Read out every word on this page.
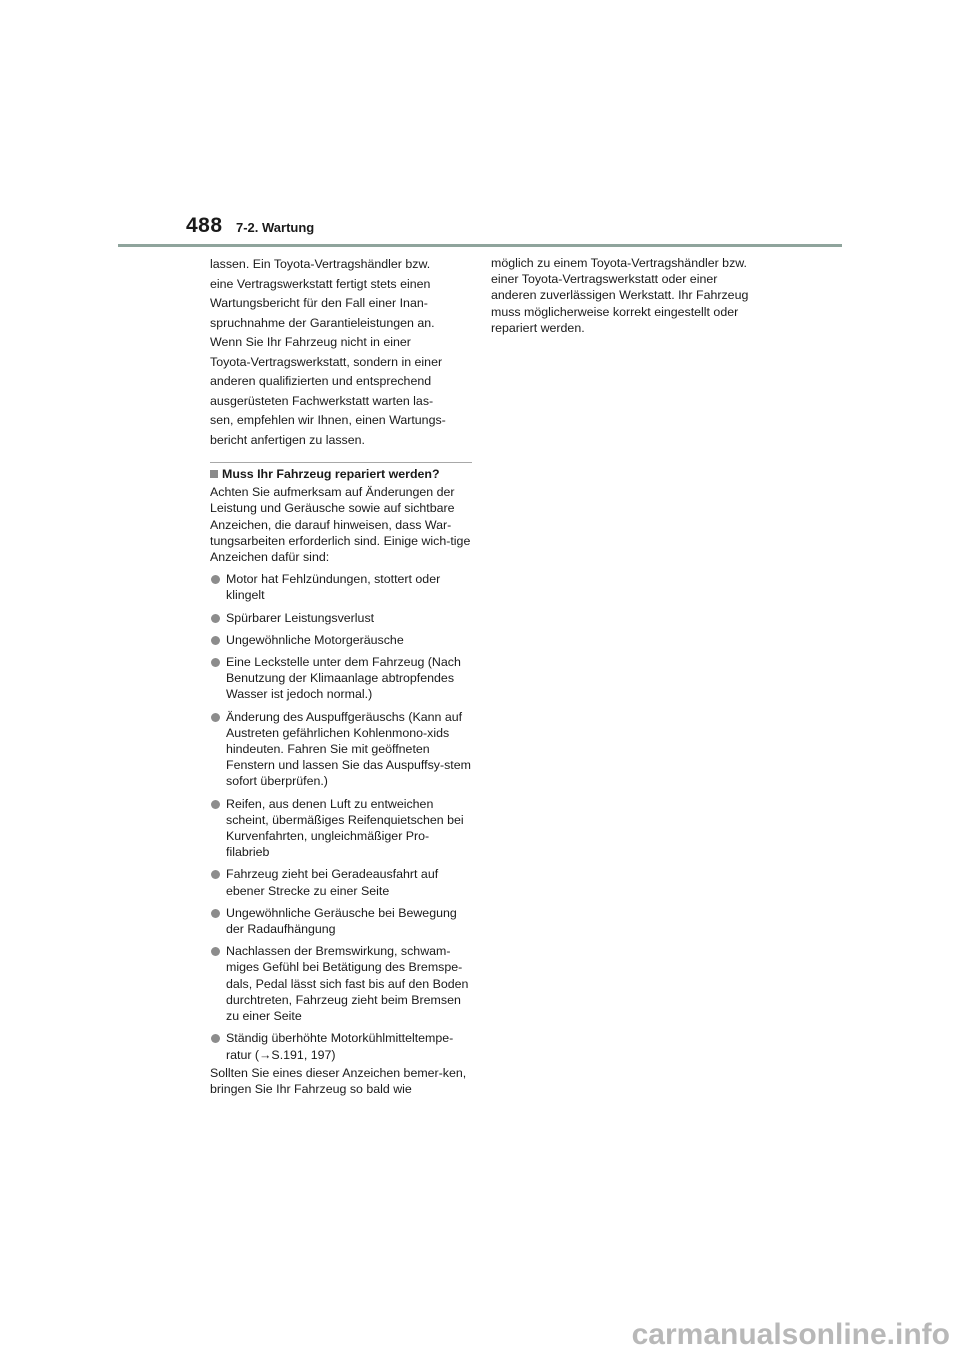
488 7-2. Wartung
lassen. Ein Toyota-Vertragshändler bzw.
eine Vertragswerkstatt fertigt stets einen
Wartungsbericht für den Fall einer Inan-
spruchnahme der Garantieleistungen an.
Wenn Sie Ihr Fahrzeug nicht in einer
Toyota-Vertragswerkstatt, sondern in einer
anderen qualifizierten und entsprechend
ausgerüsteten Fachwerkstatt warten las-
sen, empfehlen wir Ihnen, einen Wartungs-
bericht anfertigen zu lassen.
Muss Ihr Fahrzeug repariert werden?

Achten Sie aufmerksam auf Änderungen der Leistung und Geräusche sowie auf sichtbare Anzeichen, die darauf hinweisen, dass War-tungsarbeiten erforderlich sind. Einige wich-tige Anzeichen dafür sind:

Motor hat Fehlzündungen, stottert oder klingelt
Spürbarer Leistungsverlust
Ungewöhnliche Motorgeräusche
Eine Leckstelle unter dem Fahrzeug (Nach Benutzung der Klimaanlage abtropfendes Wasser ist jedoch normal.)
Änderung des Auspuffgeräuschs (Kann auf Austreten gefährlichen Kohlenmono-xids hindeuten. Fahren Sie mit geöffneten Fenstern und lassen Sie das Auspuffsy-stem sofort überprüfen.)
Reifen, aus denen Luft zu entweichen scheint, übermäßiges Reifenquietschen bei Kurvenfahrten, ungleichmäßiger Pro-filabrieb
Fahrzeug zieht bei Geradeausfahrt auf ebener Strecke zu einer Seite
Ungewöhnliche Geräusche bei Bewegung der Radaufhängung
Nachlassen der Bremswirkung, schwam-miges Gefühl bei Betätigung des Bremspe-dals, Pedal lässt sich fast bis auf den Boden durchtreten, Fahrzeug zieht beim Bremsen zu einer Seite
Ständig überhöhte Motorkühlmitteltempe-ratur (→S.191, 197)

Sollten Sie eines dieser Anzeichen bemer-ken, bringen Sie Ihr Fahrzeug so bald wie

möglich zu einem Toyota-Vertragshändler bzw. einer Toyota-Vertragswerkstatt oder einer anderen zuverlässigen Werkstatt. Ihr Fahrzeug muss möglicherweise korrekt eingestellt oder repariert werden.

carmanualsonline.info
